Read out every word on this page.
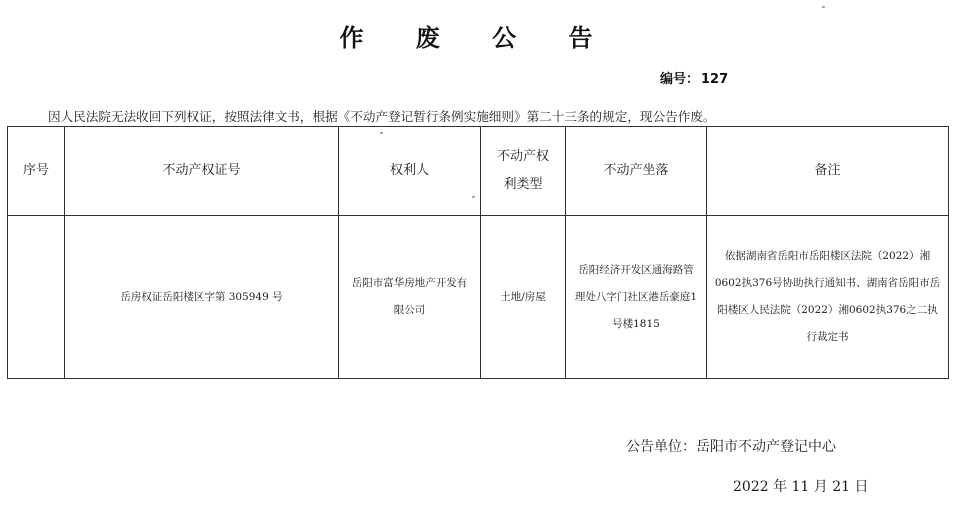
作 废 公 告
编号： 127
因人民法院无法收回下列权证，按照法律文书，根据《不动产登记暂行条例实施细则》第二十三条的规定，现公告作废。
序号	不动产权证号	权利人	不动产权利类型	不动产坐落	备注
	岳房权证岳阳楼区字第 305949 号	岳阳市富华房地产开发有限公司	土地/房屋	岳阳经济开发区通海路管理处八字门社区港岳豪庭1号楼1815	依据湖南省岳阳市岳阳楼区法院（2022）湘0602执376号协助执行通知书、湖南省岳阳市岳阳楼区人民法院（2022）湘0602执376之二执行裁定书
公告单位：岳阳市不动产登记中心
2022 年 11 月 21 日
